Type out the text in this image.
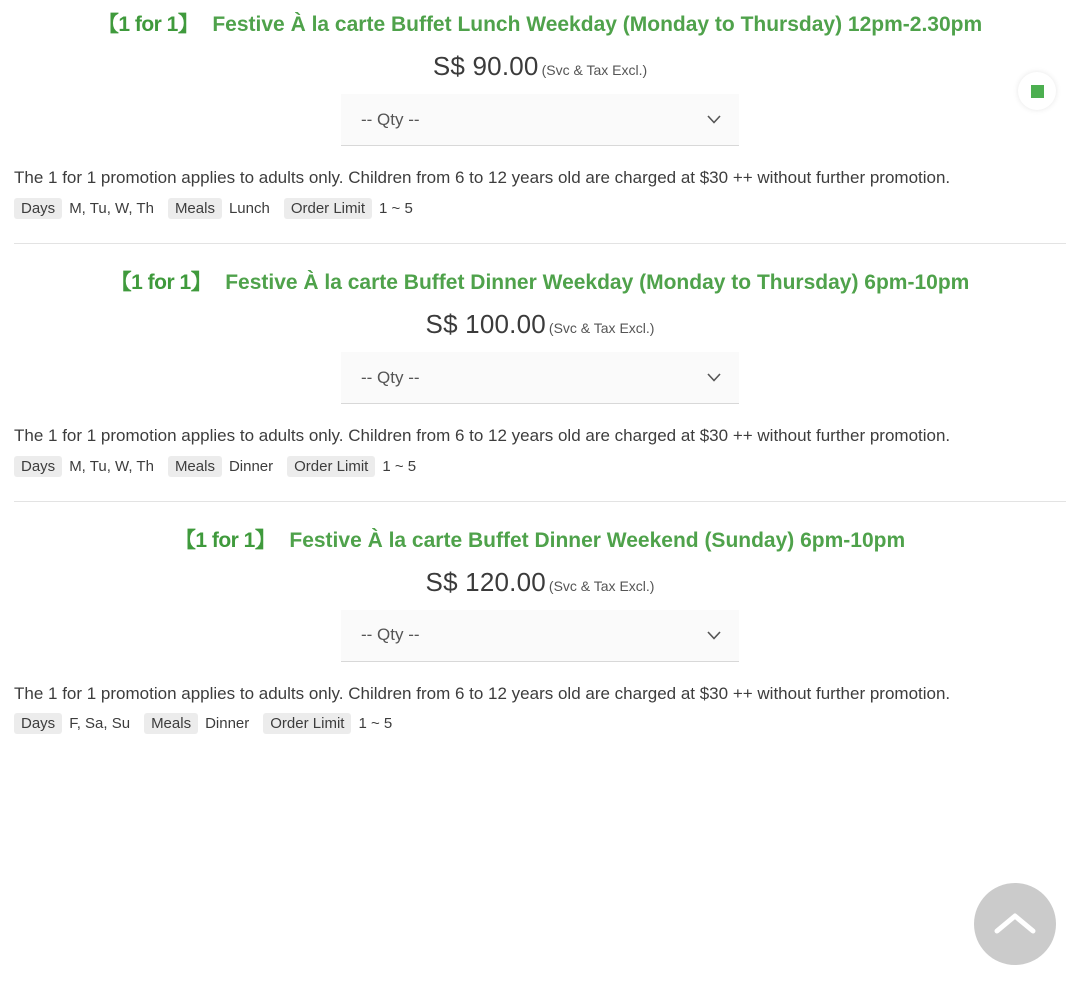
【1 for 1】 Festive À la carte Buffet Lunch Weekday (Monday to Thursday) 12pm-2.30pm
S$ 90.00 (Svc & Tax Excl.)
-- Qty --
The 1 for 1 promotion applies to adults only. Children from 6 to 12 years old are charged at $30 ++ without further promotion.
Days M, Tu, W, Th	Meals Lunch	Order Limit 1 ~ 5
【1 for 1】 Festive À la carte Buffet Dinner Weekday (Monday to Thursday) 6pm-10pm
S$ 100.00 (Svc & Tax Excl.)
-- Qty --
The 1 for 1 promotion applies to adults only. Children from 6 to 12 years old are charged at $30 ++ without further promotion.
Days M, Tu, W, Th	Meals Dinner	Order Limit 1 ~ 5
【1 for 1】 Festive À la carte Buffet Dinner Weekend (Sunday) 6pm-10pm
S$ 120.00 (Svc & Tax Excl.)
-- Qty --
The 1 for 1 promotion applies to adults only. Children from 6 to 12 years old are charged at $30 ++ without further promotion.
Days F, Sa, Su	Meals Dinner	Order Limit 1 ~ 5
